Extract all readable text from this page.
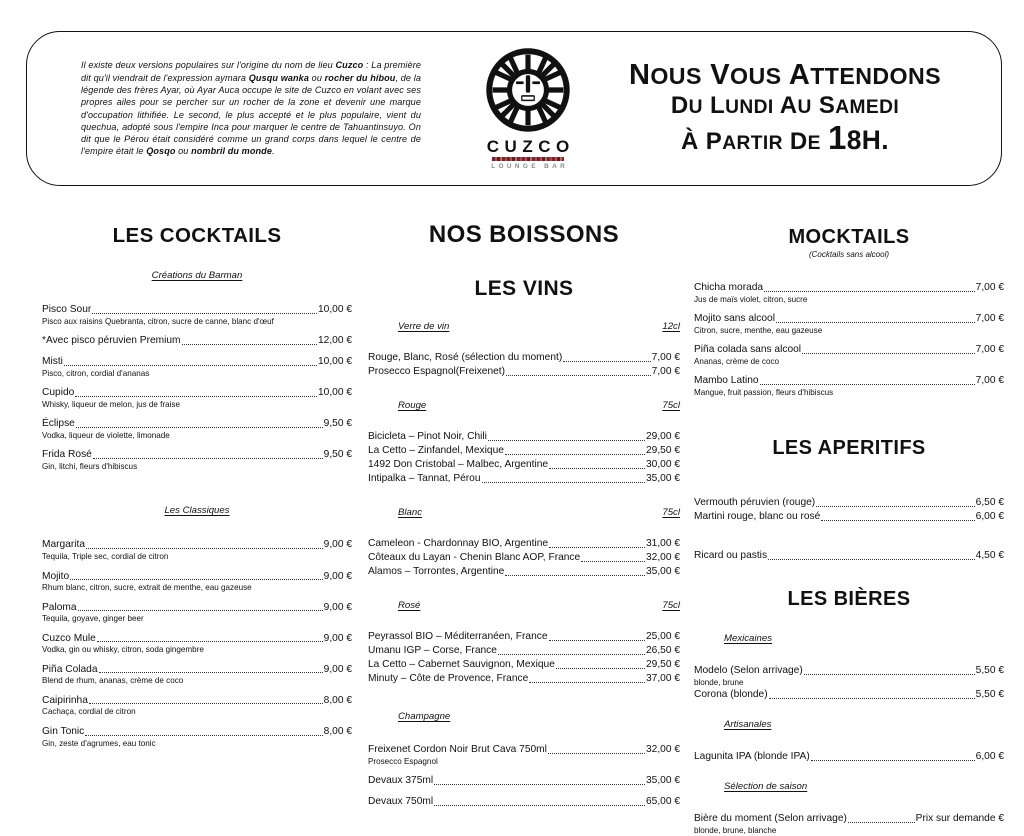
Il existe deux versions populaires sur l'origine du nom de lieu Cuzco : La première dit qu'il viendrait de l'expression aymara Qusqu wanka ou rocher du hibou, de la légende des frères Ayar, où Ayar Auca occupe le site de Cuzco en volant avec ses propres ailes pour se percher sur un rocher de la zone et devenir une marque d'occupation lithifiée. Le second, le plus accepté et le plus populaire, vient du quechua, adopté sous l'empire Inca pour marquer le centre de Tahuantinsuyo. On dit que le Pérou était considéré comme un grand corps dans lequel le centre de l'empire était le Qosqo ou nombril du monde.	CUZCO
LOUNGE BAR
NOUS VOUS ATTENDONS
DU LUNDI AU SAMEDI
À PARTIR DE 18H.
LES COCKTAILS
Créations du Barman
Pisco Sour	10,00 €
Pisco aux raisins Quebranta, citron, sucre de canne, blanc d'œuf
*Avec pisco péruvien Premium	12,00 €
Misti	10,00 €
Pisco, citron, cordial d'ananas
Cupido	10,00 €
Whisky, liqueur de melon, jus de fraise
Éclipse	9,50 €
Vodka, liqueur de violette, limonade
Frida Rosé	9,50 €
Gin, litchi, fleurs d'hibiscus
Les Classiques
Margarita	9,00 €
Tequila, Triple sec, cordial de citron
Mojito	9,00 €
Rhum blanc, citron, sucre, extrait de menthe, eau gazeuse
Paloma	9,00 €
Tequila, goyave, ginger beer
Cuzco Mule	9,00 €
Vodka, gin ou whisky, citron, soda gingembre
Piña Colada	9,00 €
Blend de rhum, ananas, crème de coco
Caipirinha	8,00 €
Cachaça, cordial de citron
Gin Tonic	8,00 €
Gin, zeste d'agrumes, eau tonic
NOS BOISSONS
LES VINS
Verre de vin	12cl
Rouge, Blanc, Rosé (sélection du moment)	7,00 €
Prosecco Espagnol(Freixenet)	7,00 €
Rouge	75cl
Bicicleta – Pinot Noir, Chili	29,00 €
La Cetto – Zinfandel, Mexique	29,50 €
1492 Don Cristobal – Malbec, Argentine	30,00 €
Intipalka – Tannat, Pérou	35,00 €
Blanc	75cl
Cameleon - Chardonnay BIO, Argentine	31,00 €
Côteaux du Layan - Chenin Blanc AOP, France	32,00 €
Alamos – Torrontes, Argentine	35,00 €
Rosé	75cl
Peyrassol BIO – Méditerranéen, France	25,00 €
Umanu IGP – Corse, France	26,50 €
La Cetto – Cabernet Sauvignon, Mexique	29,50 €
Minuty – Côte de Provence, France	37,00 €
Champagne
Freixenet Cordon Noir Brut Cava 750ml	32,00 €
Prosecco Espagnol
Devaux 375ml	35,00 €
Devaux 750ml	65,00 €
MOCKTAILS
(Cocktails sans alcool)
Chicha morada	7,00 €
Jus de maïs violet, citron, sucre
Mojito sans alcool	7,00 €
Citron, sucre, menthe, eau gazeuse
Piña colada sans alcool	7,00 €
Ananas, crème de coco
Mambo Latino	7,00 €
Mangue, fruit passion, fleurs d'hibiscus
LES APERITIFS
Vermouth péruvien (rouge)	6,50 €
Martini rouge, blanc ou rosé	6,00 €
Ricard ou pastis	4,50 €
LES BIÈRES
Mexicaines
Modelo (Selon arrivage)	5,50 €
blonde, brune
Corona (blonde)	5,50 €
Artisanales
Lagunita IPA (blonde IPA)	6,00 €
Sélection de saison
Bière du moment (Selon arrivage)	Prix sur demande €
blonde, brune, blanche
